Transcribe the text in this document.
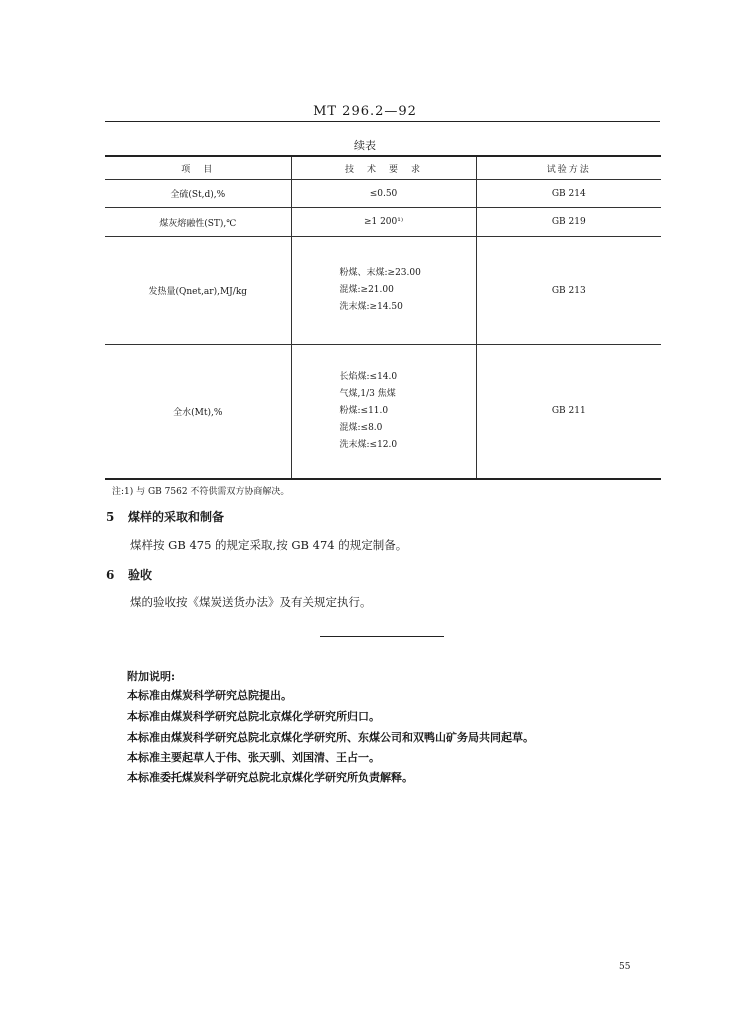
MT 296.2—92
续表
项　目	技　术　要　求	试验方法
全硫(St,d),%	≤0.50	GB 214
煤灰熔融性(ST),℃	≥1 200¹⁾	GB 219
发热量(Qnet,ar),MJ/kg	粉煤、末煤:≥23.00
混煤:≥21.00
洗末煤:≥14.50	GB 213
全水(Mt),%	长焰煤:≤14.0
气煤,1/3 焦煤
粉煤:≤11.0
混煤:≤8.0
洗末煤:≤12.0	GB 211
注:1) 与 GB 7562 不符供需双方协商解决。
5 煤样的采取和制备
煤样按 GB 475 的规定采取,按 GB 474 的规定制备。
6 验收
煤的验收按《煤炭送货办法》及有关规定执行。
附加说明:
本标准由煤炭科学研究总院提出。
本标准由煤炭科学研究总院北京煤化学研究所归口。
本标准由煤炭科学研究总院北京煤化学研究所、东煤公司和双鸭山矿务局共同起草。
本标准主要起草人于伟、张天驯、刘国清、王占一。
本标准委托煤炭科学研究总院北京煤化学研究所负责解释。
55
